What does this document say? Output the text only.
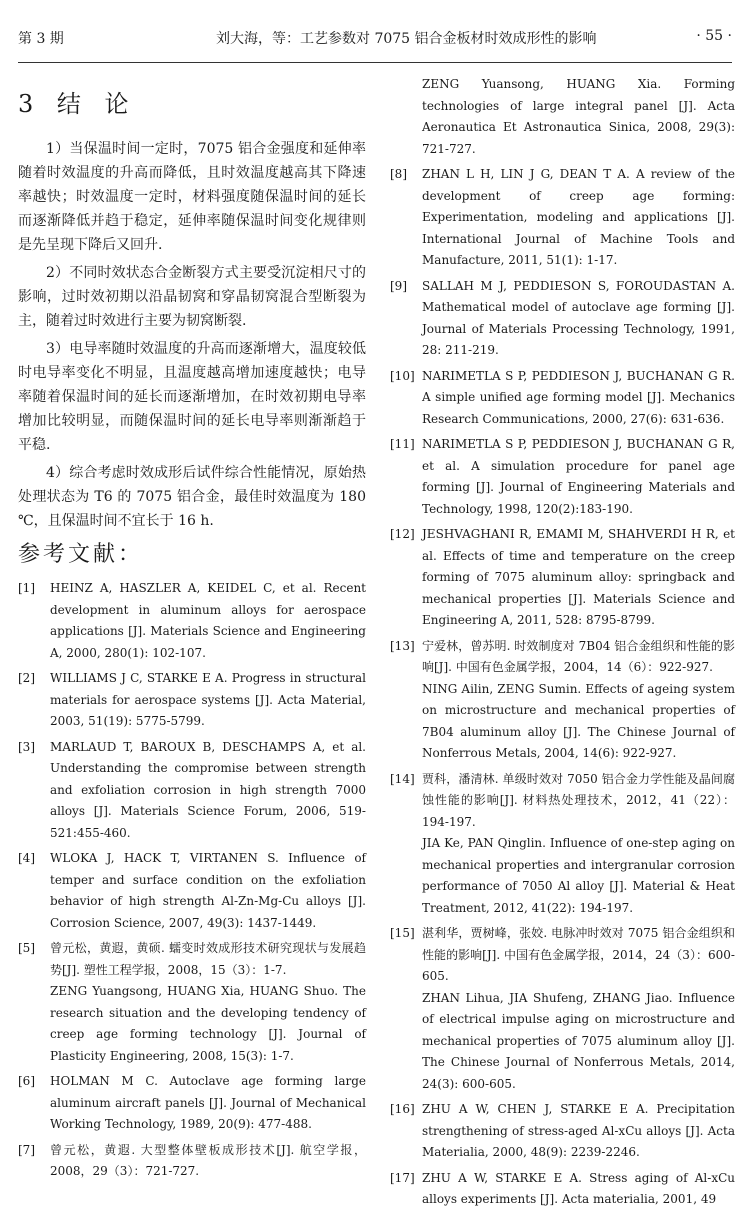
第 3 期	刘大海，等：工艺参数对 7075 铝合金板材时效成形性的影响	· 55 ·
3 结 论

1）当保温时间一定时，7075 铝合金强度和延伸率随着时效温度的升高而降低，且时效温度越高其下降速率越快；时效温度一定时，材料强度随保温时间的延长而逐渐降低并趋于稳定，延伸率随保温时间变化规律则是先呈现下降后又回升.

2）不同时效状态合金断裂方式主要受沉淀相尺寸的影响，过时效初期以沿晶韧窝和穿晶韧窝混合型断裂为主，随着过时效进行主要为韧窝断裂.

3）电导率随时效温度的升高而逐渐增大，温度较低时电导率变化不明显，且温度越高增加速度越快；电导率随着保温时间的延长而逐渐增加，在时效初期电导率增加比较明显，而随保温时间的延长电导率则渐渐趋于平稳.

4）综合考虑时效成形后试件综合性能情况，原始热处理状态为 T6 的 7075 铝合金，最佳时效温度为 180 ℃，且保温时间不宜长于 16 h.

参考文献：
[1]	HEINZ A, HASZLER A, KEIDEL C, et al. Recent development in aluminum alloys for aerospace applications [J]. Materials Science and Engineering A, 2000, 280(1): 102-107.

[2]	WILLIAMS J C, STARKE E A. Progress in structural materials for aerospace systems [J]. Acta Material, 2003, 51(19): 5775-5799.

[3]	MARLAUD T, BAROUX B, DESCHAMPS A, et al. Understanding the compromise between strength and exfoliation corrosion in high strength 7000 alloys [J]. Materials Science Forum, 2006, 519-521:455-460.

[4]	WLOKA J, HACK T, VIRTANEN S. Influence of temper and surface condition on the exfoliation behavior of high strength Al-Zn-Mg-Cu alloys [J]. Corrosion Science, 2007, 49(3): 1437-1449.

[5]	曾元松，黄遐，黄硕. 蠕变时效成形技术研究现状与发展趋势[J]. 塑性工程学报，2008，15（3）：1-7.

ZENG Yuangsong, HUANG Xia, HUANG Shuo. The research situation and the developing tendency of creep age forming technology [J]. Journal of Plasticity Engineering, 2008, 15(3): 1-7.

[6]	HOLMAN M C. Autoclave age forming large aluminum aircraft panels [J]. Journal of Mechanical Working Technology, 1989, 20(9): 477-488.

[7]	曾元松，黄遐. 大型整体壁板成形技术[J]. 航空学报，2008，29（3）：721-727.

ZENG Yuansong, HUANG Xia. Forming technologies of large integral panel [J]. Acta Aeronautica Et Astronautica Sinica, 2008, 29(3): 721-727.

[8]	ZHAN L H, LIN J G, DEAN T A. A review of the development of creep age forming: Experimentation, modeling and applications [J]. International Journal of Machine Tools and Manufacture, 2011, 51(1): 1-17.

[9]	SALLAH M J, PEDDIESON S, FOROUDASTAN A. Mathematical model of autoclave age forming [J]. Journal of Materials Processing Technology, 1991, 28: 211-219.

[10] NARIMETLA S P, PEDDIESON J, BUCHANAN G R. A simple unified age forming model [J]. Mechanics Research Communications, 2000, 27(6): 631-636.

[11] NARIMETLA S P, PEDDIESON J, BUCHANAN G R, et al. A simulation procedure for panel age forming [J]. Journal of Engineering Materials and Technology, 1998, 120(2):183-190.

[12] JESHVAGHANI R, EMAMI M, SHAHVERDI H R, et al. Effects of time and temperature on the creep forming of 7075 aluminum alloy: springback and mechanical properties [J]. Materials Science and Engineering A, 2011, 528: 8795-8799.

[13] 宁爱林，曾苏明. 时效制度对 7B04 铝合金组织和性能的影响[J]. 中国有色金属学报，2004，14（6）：922-927.

NING Ailin, ZENG Sumin. Effects of ageing system on microstructure and mechanical properties of 7B04 aluminum alloy [J]. The Chinese Journal of Nonferrous Metals, 2004, 14(6): 922-927.

[14] 贾科，潘清林. 单级时效对 7050 铝合金力学性能及晶间腐蚀性能的影响[J]. 材料热处理技术，2012，41（22）：194-197.

JIA Ke, PAN Qinglin. Influence of one-step aging on mechanical properties and intergranular corrosion performance of 7050 Al alloy [J]. Material & Heat Treatment, 2012, 41(22): 194-197.

[15] 湛利华，贾树峰，张姣. 电脉冲时效对 7075 铝合金组织和性能的影响[J]. 中国有色金属学报，2014，24（3）：600-605.

ZHAN Lihua, JIA Shufeng, ZHANG Jiao. Influence of electrical impulse aging on microstructure and mechanical properties of 7075 aluminum alloy [J]. The Chinese Journal of Nonferrous Metals, 2014, 24(3): 600-605.

[16] ZHU A W, CHEN J, STARKE E A. Precipitation strengthening of stress-aged Al-xCu alloys [J]. Acta Materialia, 2000, 48(9): 2239-2246.

[17] ZHU A W, STARKE E A. Stress aging of Al-xCu alloys experiments [J]. Acta materialia, 2001, 49
